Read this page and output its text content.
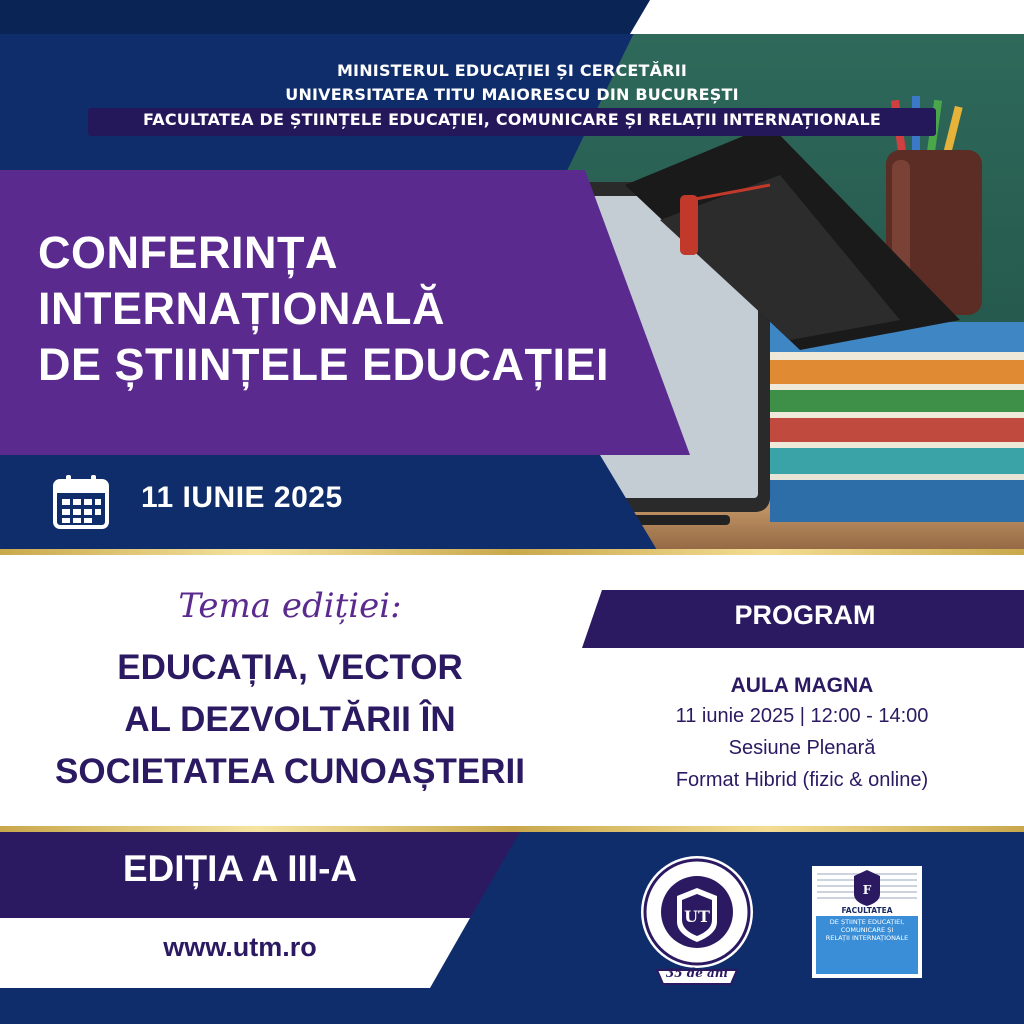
MINISTERUL EDUCAȚIEI ȘI CERCETĂRII
UNIVERSITATEA TITU MAIORESCU DIN BUCUREȘTI
FACULTATEA DE ȘTIINȚELE EDUCAȚIEI, COMUNICARE ȘI RELAȚII INTERNAȚIONALE
CONFERINȚA
INTERNAȚIONALĂ
DE ȘTIINȚELE EDUCAȚIEI
11 IUNIE 2025
Tema ediției:
EDUCAȚIA, VECTOR
AL DEZVOLTĂRII ÎN
SOCIETATEA CUNOAȘTERII
PROGRAM
AULA MAGNA
11 iunie 2025 | 12:00 - 14:00
Sesiune Plenară
Format Hibrid (fizic & online)
EDIȚIA A III-A
www.utm.ro
UT
35 de ani
F
FACULTATEA
DE ȘTIINȚE EDUCAȚIEI,
COMUNICARE ȘI
RELAȚII INTERNAȚIONALE
